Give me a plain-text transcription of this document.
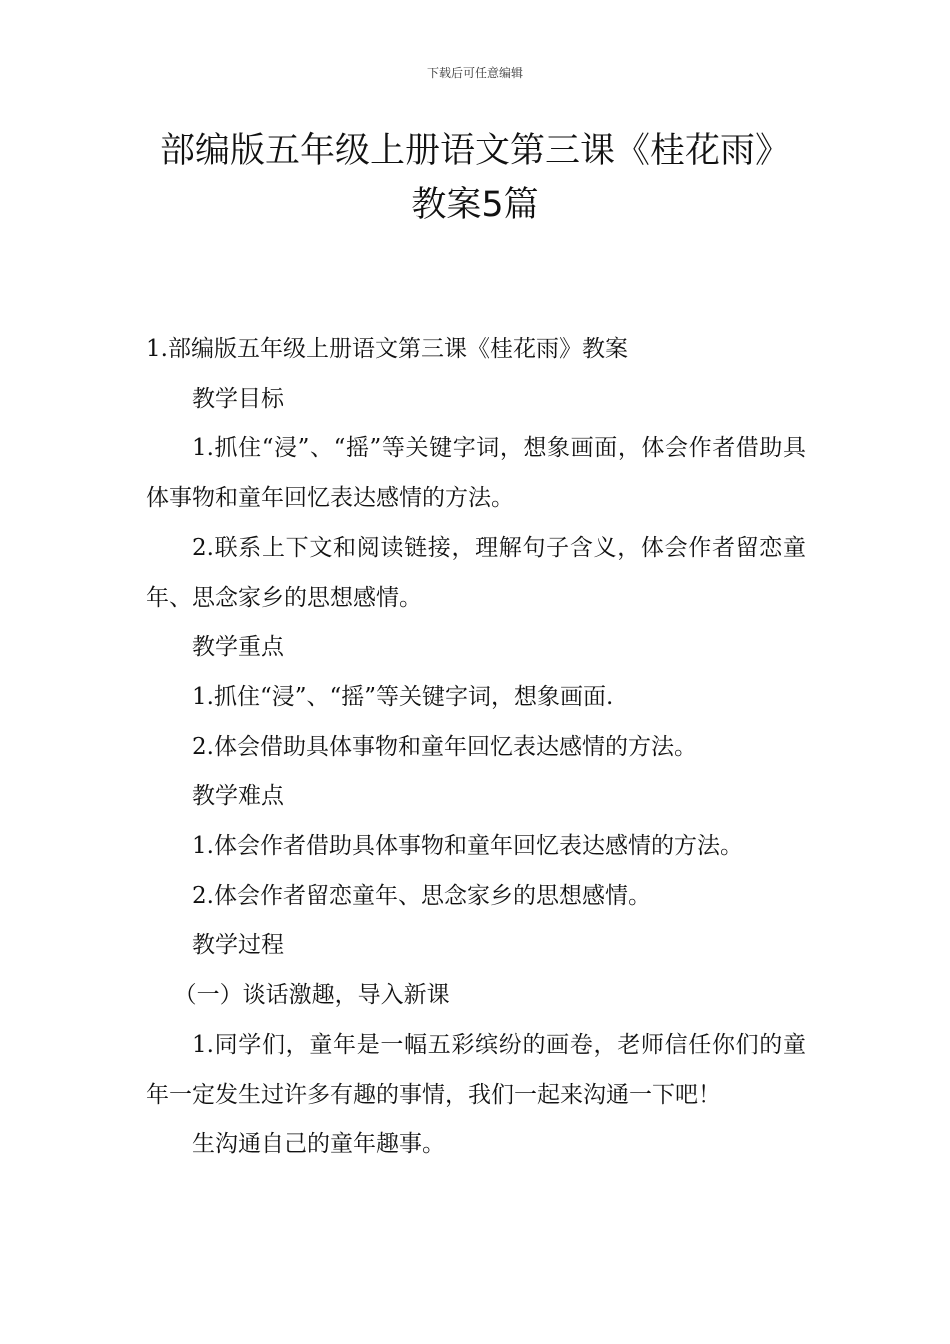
下载后可任意编辑
部编版五年级上册语文第三课《桂花雨》
教案5篇

1.部编版五年级上册语文第三课《桂花雨》教案

教学目标

1.抓住“浸”、“摇”等关键字词，想象画面，体会作者借助具体事物和童年回忆表达感情的方法。

2.联系上下文和阅读链接，理解句子含义，体会作者留恋童年、思念家乡的思想感情。

教学重点

1.抓住“浸”、“摇”等关键字词，想象画面.

2.体会借助具体事物和童年回忆表达感情的方法。

教学难点

1.体会作者借助具体事物和童年回忆表达感情的方法。

2.体会作者留恋童年、思念家乡的思想感情。

教学过程

（一）谈话激趣，导入新课

1.同学们，童年是一幅五彩缤纷的画卷，老师信任你们的童年一定发生过许多有趣的事情，我们一起来沟通一下吧！

生沟通自己的童年趣事。
